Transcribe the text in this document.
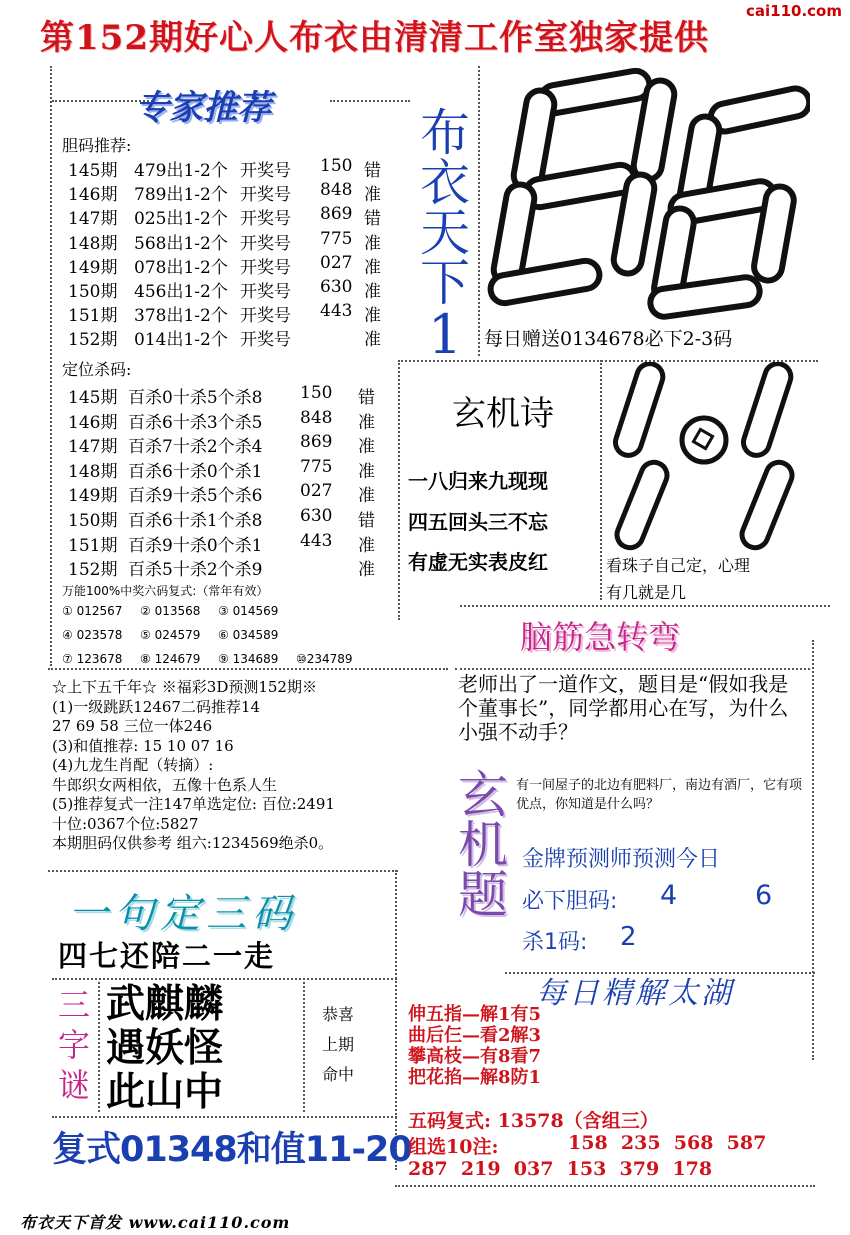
第152期好心人布衣由清清工作室独家提供
cai110.com
专家推荐
胆码推荐:
145期 479出1-2个 开奖号 150 错
146期 789出1-2个 开奖号 848 准
147期 025出1-2个 开奖号 869 错
148期 568出1-2个 开奖号 775 准
149期 078出1-2个 开奖号 027 准
150期 456出1-2个 开奖号 630 准
151期 378出1-2个 开奖号 443 准
152期 014出1-2个 开奖号	准
定位杀码:
145期 百杀0十杀5个杀8 150 错
146期 百杀6十杀3个杀5 848 准
147期 百杀7十杀2个杀4 869 准
148期 百杀6十杀0个杀1 775 准
149期 百杀9十杀5个杀6 027 准
150期 百杀6十杀1个杀8 630 错
151期 百杀9十杀0个杀1 443 准
152期 百杀5十杀2个杀9	准
万能100%中奖六码复式:（常年有效）
① 012567 ② 013568 ③ 014569
④ 023578 ⑤ 024579 ⑥ 034589
⑦ 123678 ⑧ 124679 ⑨ 134689 ⑩234789
布
衣
天
下
1 每日赠送0134678必下2-3码
玄机诗
一八归来九现现
四五回头三不忘
有虚无实表皮红	看珠子自己定，心理
有几就是几
脑筋急转弯
老师出了一道作文，题目是“假如我是个董事长”，同学都用心在写，为什么小强不动手？
☆上下五千年☆ ※福彩3D预测152期※
(1)一级跳跃12467二码推荐14
27 69 58 三位一体246
(3)和值推荐: 15 10 07 16
(4)九龙生肖配（转摘）:
牛郎织女两相依，五像十色系人生
(5)推荐复式一注147单选定位: 百位:2491
十位:0367个位:5827
本期胆码仅供参考 组六:1234569绝杀0。
玄
机
题
有一间屋子的北边有肥料厂，南边有酒厂，它有项优点，你知道是什么吗？
金牌预测师预测今日
必下胆码: 4	6
杀1码: 2
一句定三码
四七还陪二一走
三
字
谜
武麒麟
遇妖怪
此山中
恭喜
上期
命中
复式01348和值11-20
每日精解太湖
伸五指—解1有5
曲后仨—看2解3
攀高枝—有8看7
把花掐—解8防1
五码复式: 13578（含组三）
组选10注:	158  235  568  587
287  219  037  153  379  178
布衣天下首发 www.cai110.com
